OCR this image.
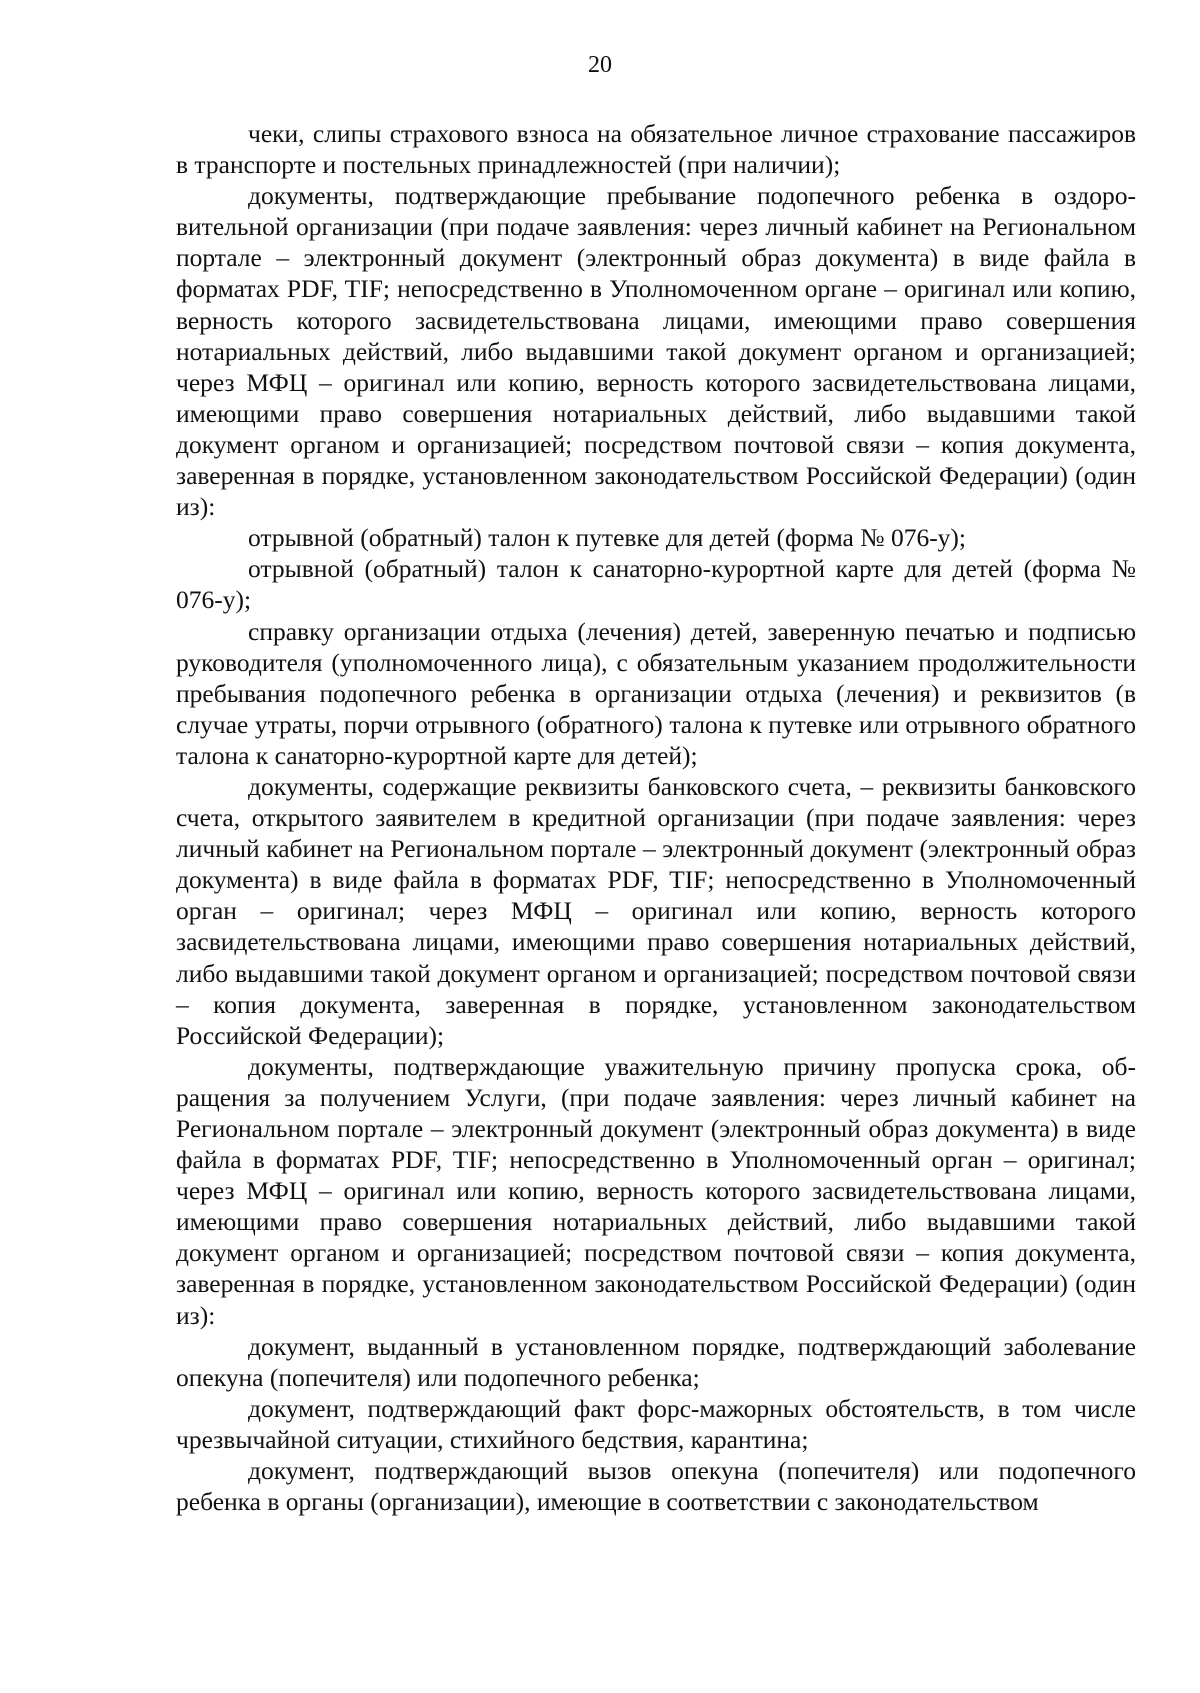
20

чеки, слипы страхового взноса на обязательное личное страхование пассажиров в транспорте и постельных принадлежностей (при наличии);

документы, подтверждающие пребывание подопечного ребенка в оздоровительной организации (при подаче заявления: через личный кабинет на Региональном портале – электронный документ (электронный образ документа) в виде файла в форматах PDF, TIF; непосредственно в Уполномоченном органе – оригинал или копию, верность которого засвидетельствована лицами, имеющими право совершения нотариальных действий, либо выдавшими такой документ органом и организацией; через МФЦ – оригинал или копию, верность которого засвидетельствована лицами, имеющими право совершения нотариальных действий, либо выдавшими такой документ органом и организацией; посредством почтовой связи – копия документа, заверенная в порядке, установленном законодательством Российской Федерации) (один из):

отрывной (обратный) талон к путевке для детей (форма № 076-у);

отрывной (обратный) талон к санаторно-курортной карте для детей (форма № 076-у);

справку организации отдыха (лечения) детей, заверенную печатью и подписью руководителя (уполномоченного лица), с обязательным указанием продолжительности пребывания подопечного ребенка в организации отдыха (лечения) и реквизитов (в случае утраты, порчи отрывного (обратного) талона к путевке или отрывного обратного талона к санаторно-курортной карте для детей);

документы, содержащие реквизиты банковского счета, – реквизиты банковского счета, открытого заявителем в кредитной организации (при подаче заявления: через личный кабинет на Региональном портале – электронный документ (электронный образ документа) в виде файла в форматах PDF, TIF; непосредственно в Уполномоченный орган – оригинал; через МФЦ – оригинал или копию, верность которого засвидетельствована лицами, имеющими право совершения нотариальных действий, либо выдавшими такой документ органом и организацией; посредством почтовой связи – копия документа, заверенная в порядке, установленном законодательством Российской Федерации);

документы, подтверждающие уважительную причину пропуска срока, обращения за получением Услуги, (при подаче заявления: через личный кабинет на Региональном портале – электронный документ (электронный образ документа) в виде файла в форматах PDF, TIF; непосредственно в Уполномоченный орган – оригинал; через МФЦ – оригинал или копию, верность которого засвидетельствована лицами, имеющими право совершения нотариальных действий, либо выдавшими такой документ органом и организацией; посредством почтовой связи – копия документа, заверенная в порядке, установленном законодательством Российской Федерации) (один из):

документ, выданный в установленном порядке, подтверждающий заболевание опекуна (попечителя) или подопечного ребенка;

документ, подтверждающий факт форс-мажорных обстоятельств, в том числе чрезвычайной ситуации, стихийного бедствия, карантина;

документ, подтверждающий вызов опекуна (попечителя) или подопечного ребенка в органы (организации), имеющие в соответствии с законодательством
